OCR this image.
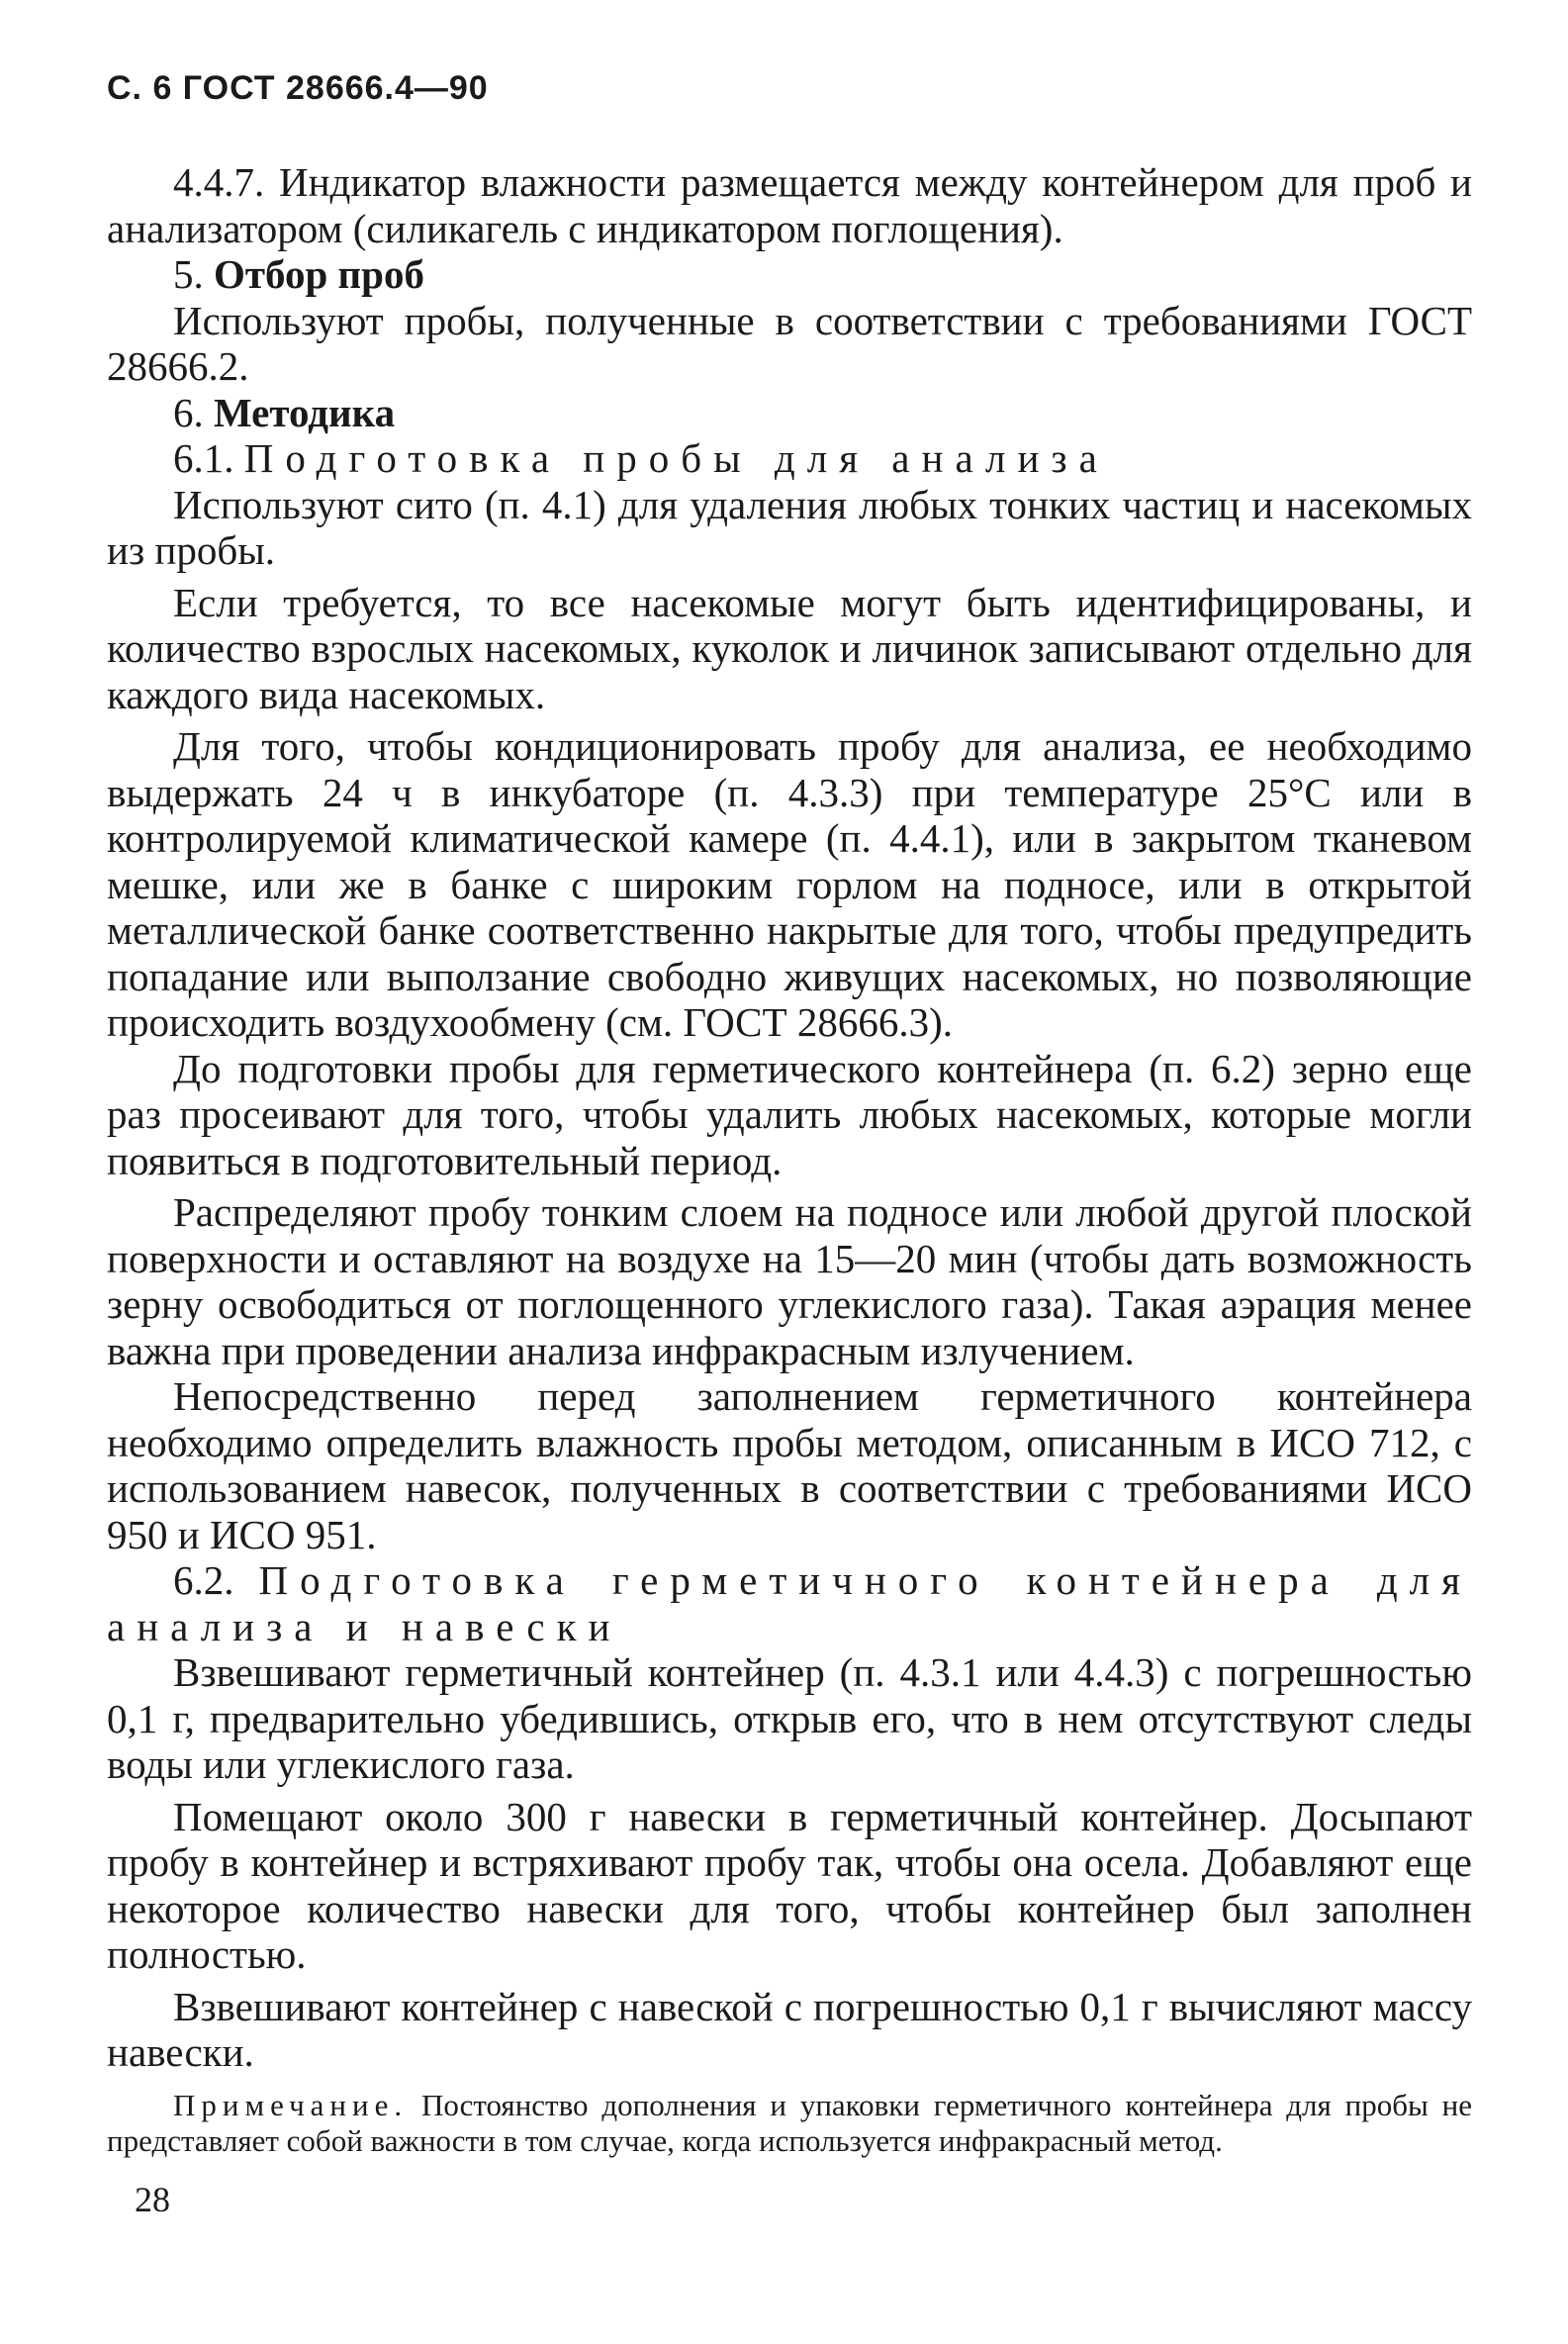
С. 6 ГОСТ 28666.4—90

4.4.7. Индикатор влажности размещается между контейнером для проб и анализатором (силикагель с индикатором поглощения).

5. Отбор проб

Используют пробы, полученные в соответствии с требованиями ГОСТ 28666.2.

6. Методика

6.1. Подготовка пробы для анализа

Используют сито (п. 4.1) для удаления любых тонких частиц и насекомых из пробы.

Если требуется, то все насекомые могут быть идентифицированы, и количество взрослых насекомых, куколок и личинок записывают отдельно для каждого вида насекомых.

Для того, чтобы кондиционировать пробу для анализа, ее необходимо выдержать 24 ч в инкубаторе (п. 4.3.3) при температуре 25°С или в контролируемой климатической камере (п. 4.4.1), или в закрытом тканевом мешке, или же в банке с широким горлом на подносе, или в открытой металлической банке соответственно накрытые для того, чтобы предупредить попадание или выползание свободно живущих насекомых, но позволяющие происходить воздухообмену (см. ГОСТ 28666.3).

До подготовки пробы для герметического контейнера (п. 6.2) зерно еще раз просеивают для того, чтобы удалить любых насекомых, которые могли появиться в подготовительный период.

Распределяют пробу тонким слоем на подносе или любой другой плоской поверхности и оставляют на воздухе на 15—20 мин (чтобы дать возможность зерну освободиться от поглощенного углекислого газа). Такая аэрация менее важна при проведении анализа инфракрасным излучением.

Непосредственно перед заполнением герметичного контейнера необходимо определить влажность пробы методом, описанным в ИСО 712, с использованием навесок, полученных в соответствии с требованиями ИСО 950 и ИСО 951.

6.2. Подготовка герметичного контейнера для анализа и навески

Взвешивают герметичный контейнер (п. 4.3.1 или 4.4.3) с погрешностью 0,1 г, предварительно убедившись, открыв его, что в нем отсутствуют следы воды или углекислого газа.

Помещают около 300 г навески в герметичный контейнер. Досыпают пробу в контейнер и встряхивают пробу так, чтобы она осела. Добавляют еще некоторое количество навески для того, чтобы контейнер был заполнен полностью.

Взвешивают контейнер с навеской с погрешностью 0,1 г вычисляют массу навески.

Примечание. Постоянство дополнения и упаковки герметичного контейнера для пробы не представляет собой важности в том случае, когда используется инфракрасный метод.
28
